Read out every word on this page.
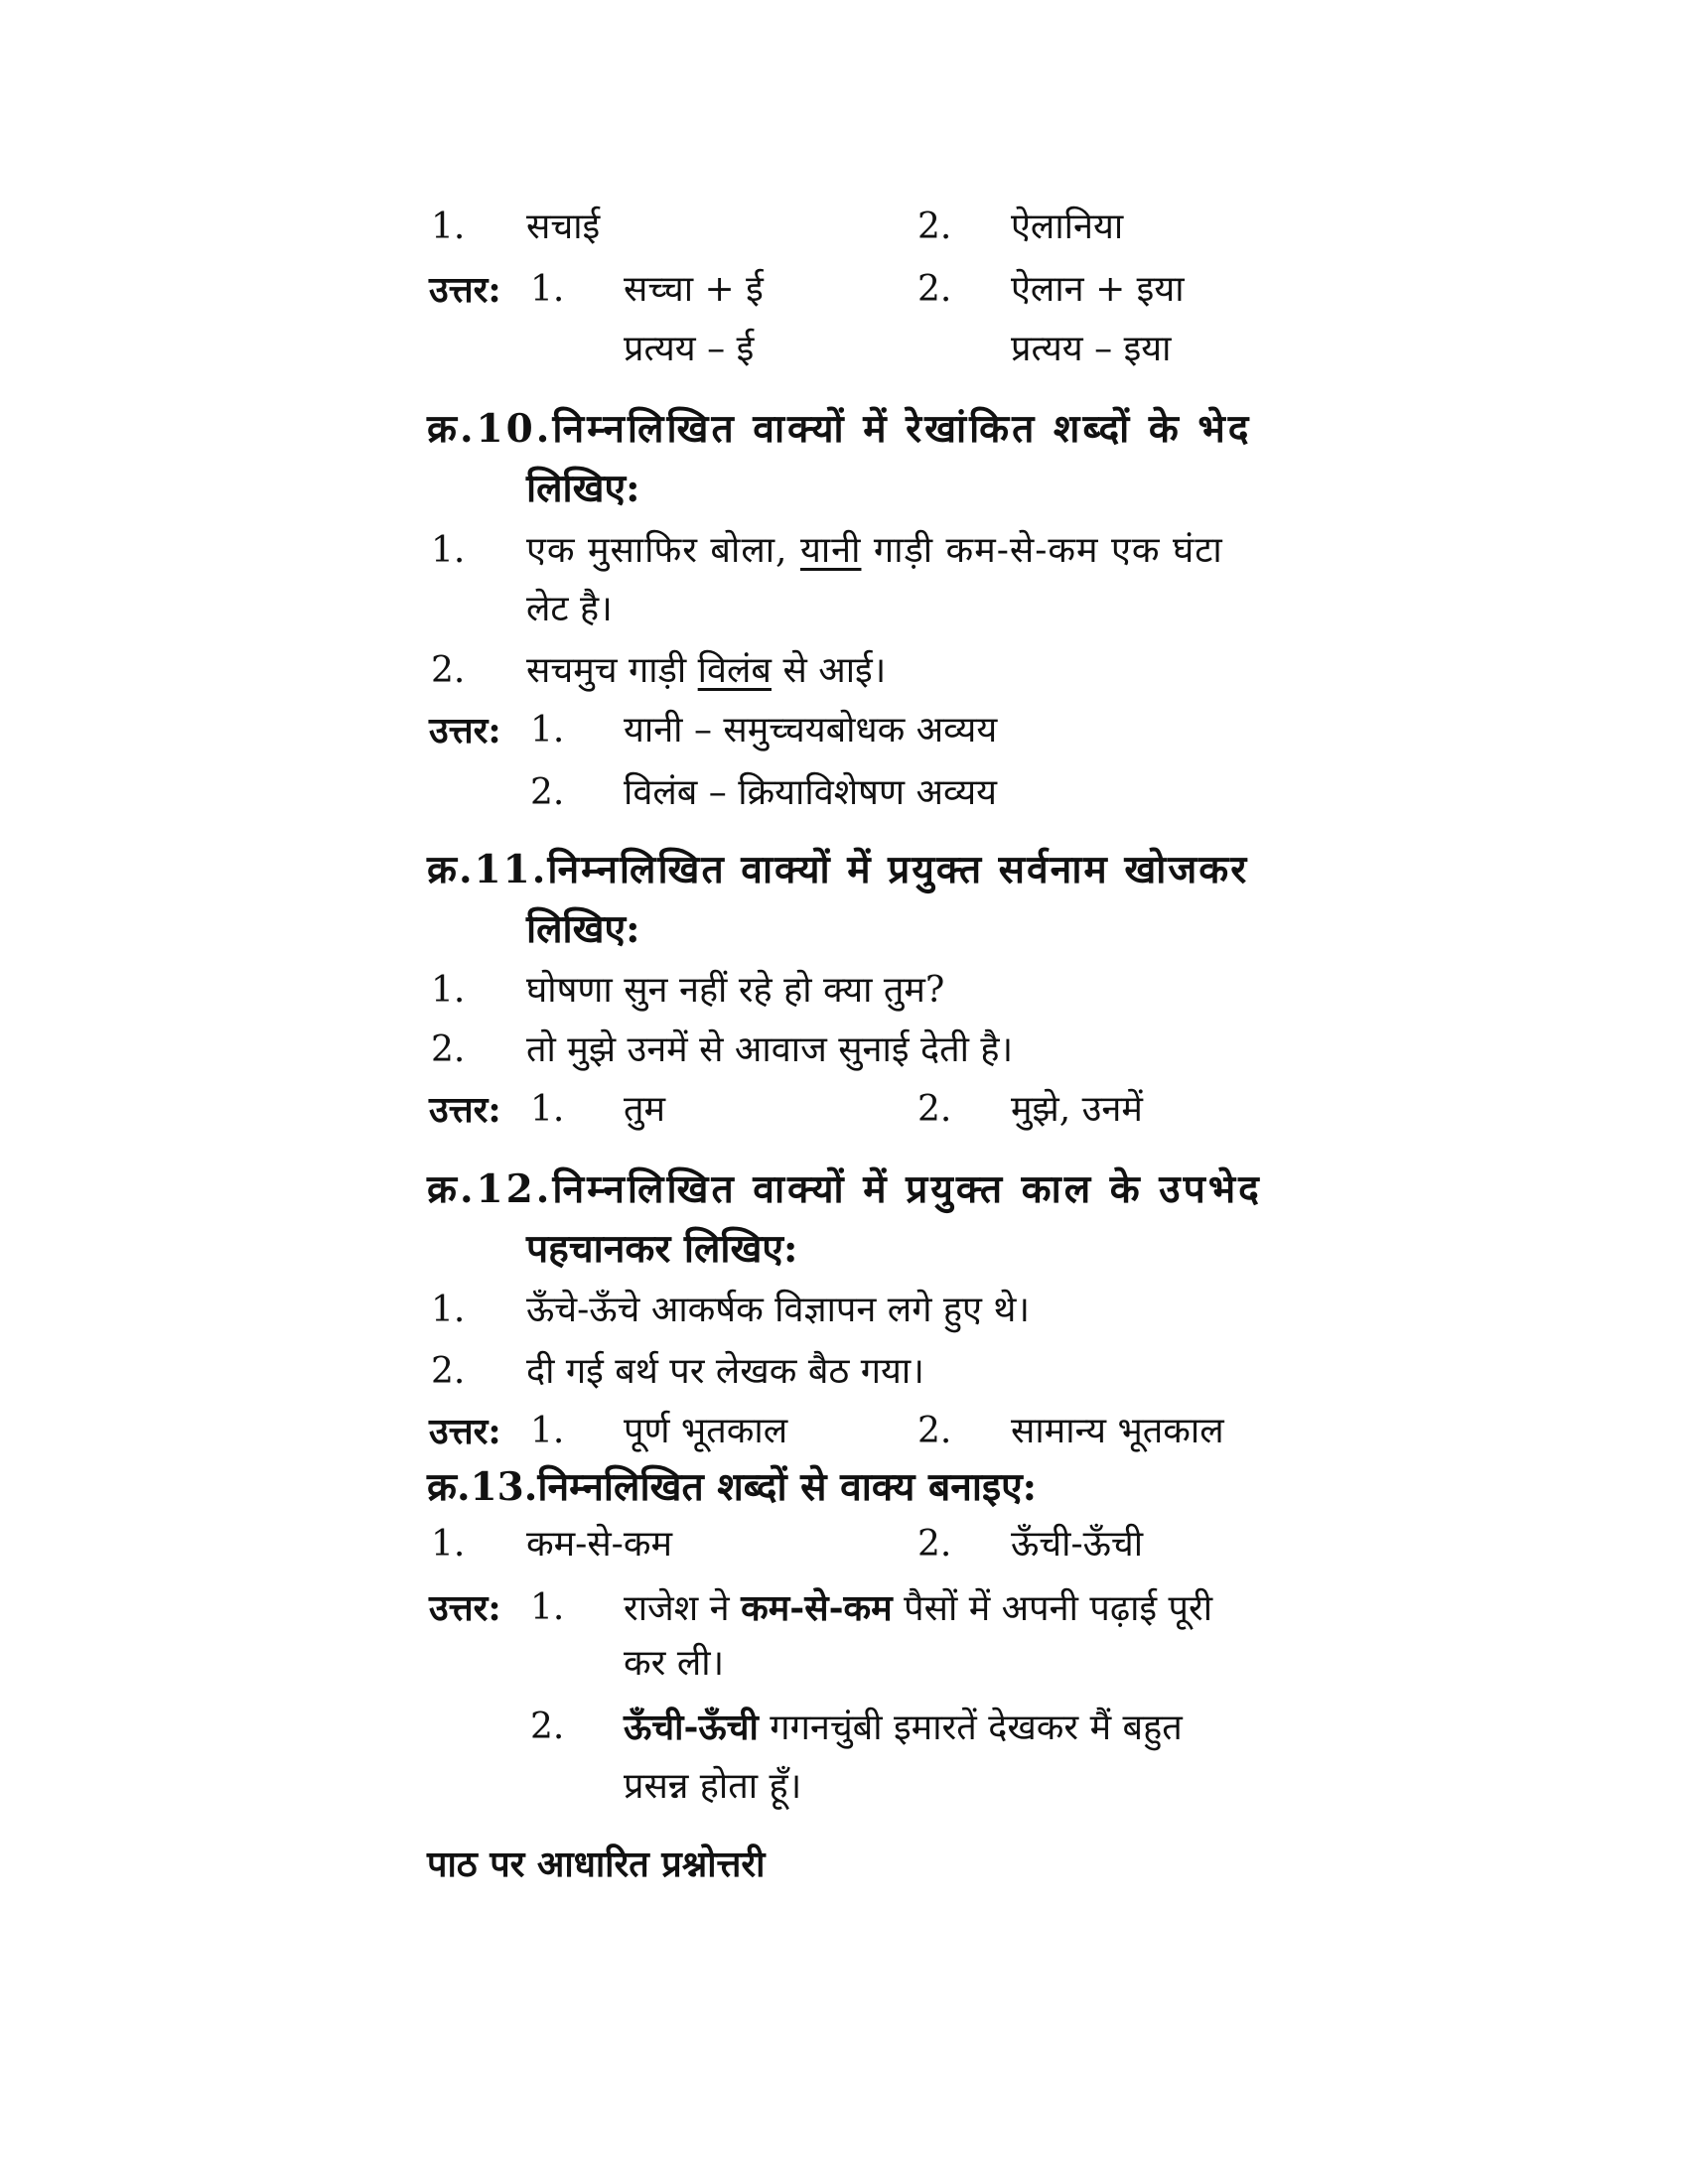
1. सचाई	2. ऐलानिया
उत्तर: 1. सच्चा + ई	2. ऐलान + इया
प्रत्यय – ई	प्रत्यय – इया
क्र.10.निम्नलिखित वाक्यों में रेखांकित शब्दों के भेद
लिखिए:
1. एक मुसाफिर बोला, यानी गाड़ी कम-से-कम एक घंटा
लेट है।
2. सचमुच गाड़ी विलंब से आई।
उत्तर: 1. यानी – समुच्चयबोधक अव्यय
2. विलंब – क्रियाविशेषण अव्यय
क्र.11.निम्नलिखित वाक्यों में प्रयुक्त सर्वनाम खोजकर
लिखिए:
1. घोषणा सुन नहीं रहे हो क्या तुम?
2. तो मुझे उनमें से आवाज सुनाई देती है।
उत्तर: 1. तुम	2. मुझे, उनमें
क्र.12.निम्नलिखित वाक्यों में प्रयुक्त काल के उपभेद
पहचानकर लिखिए:
1. ऊँचे-ऊँचे आकर्षक विज्ञापन लगे हुए थे।
2. दी गई बर्थ पर लेखक बैठ गया।
उत्तर: 1. पूर्ण भूतकाल	2. सामान्य भूतकाल
क्र.13.निम्नलिखित शब्दों से वाक्य बनाइए:
1. कम-से-कम	2. ऊँची-ऊँची
उत्तर: 1. राजेश ने कम-से-कम पैसों में अपनी पढ़ाई पूरी
कर ली।
2. ऊँची-ऊँची गगनचुंबी इमारतें देखकर मैं बहुत
प्रसन्न होता हूँ।
पाठ पर आधारित प्रश्नोत्तरी
